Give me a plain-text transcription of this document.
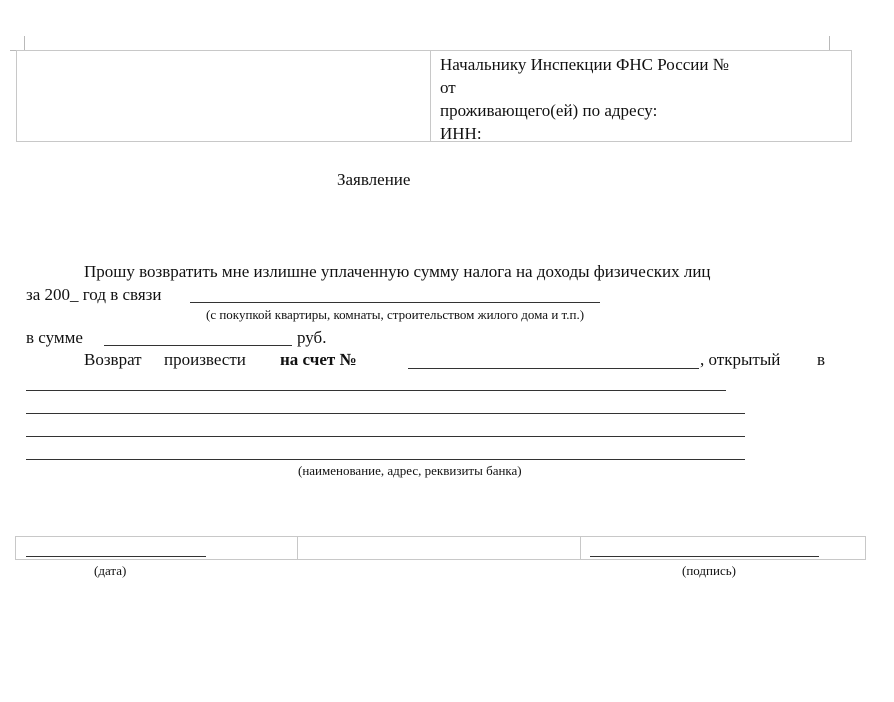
Начальнику Инспекции ФНС России №
от
проживающего(ей) по адресу:
ИНН:
Заявление
Прошу возвратить мне излишне уплаченную сумму налога на доходы физических лиц
за 200_ год в связи
(с покупкой квартиры, комнаты, строительством жилого дома и т.п.)
в сумме	руб.
Возврат произвести на счет №	, открытый в
(наименование, адрес, реквизиты банка)
(дата)	(подпись)
